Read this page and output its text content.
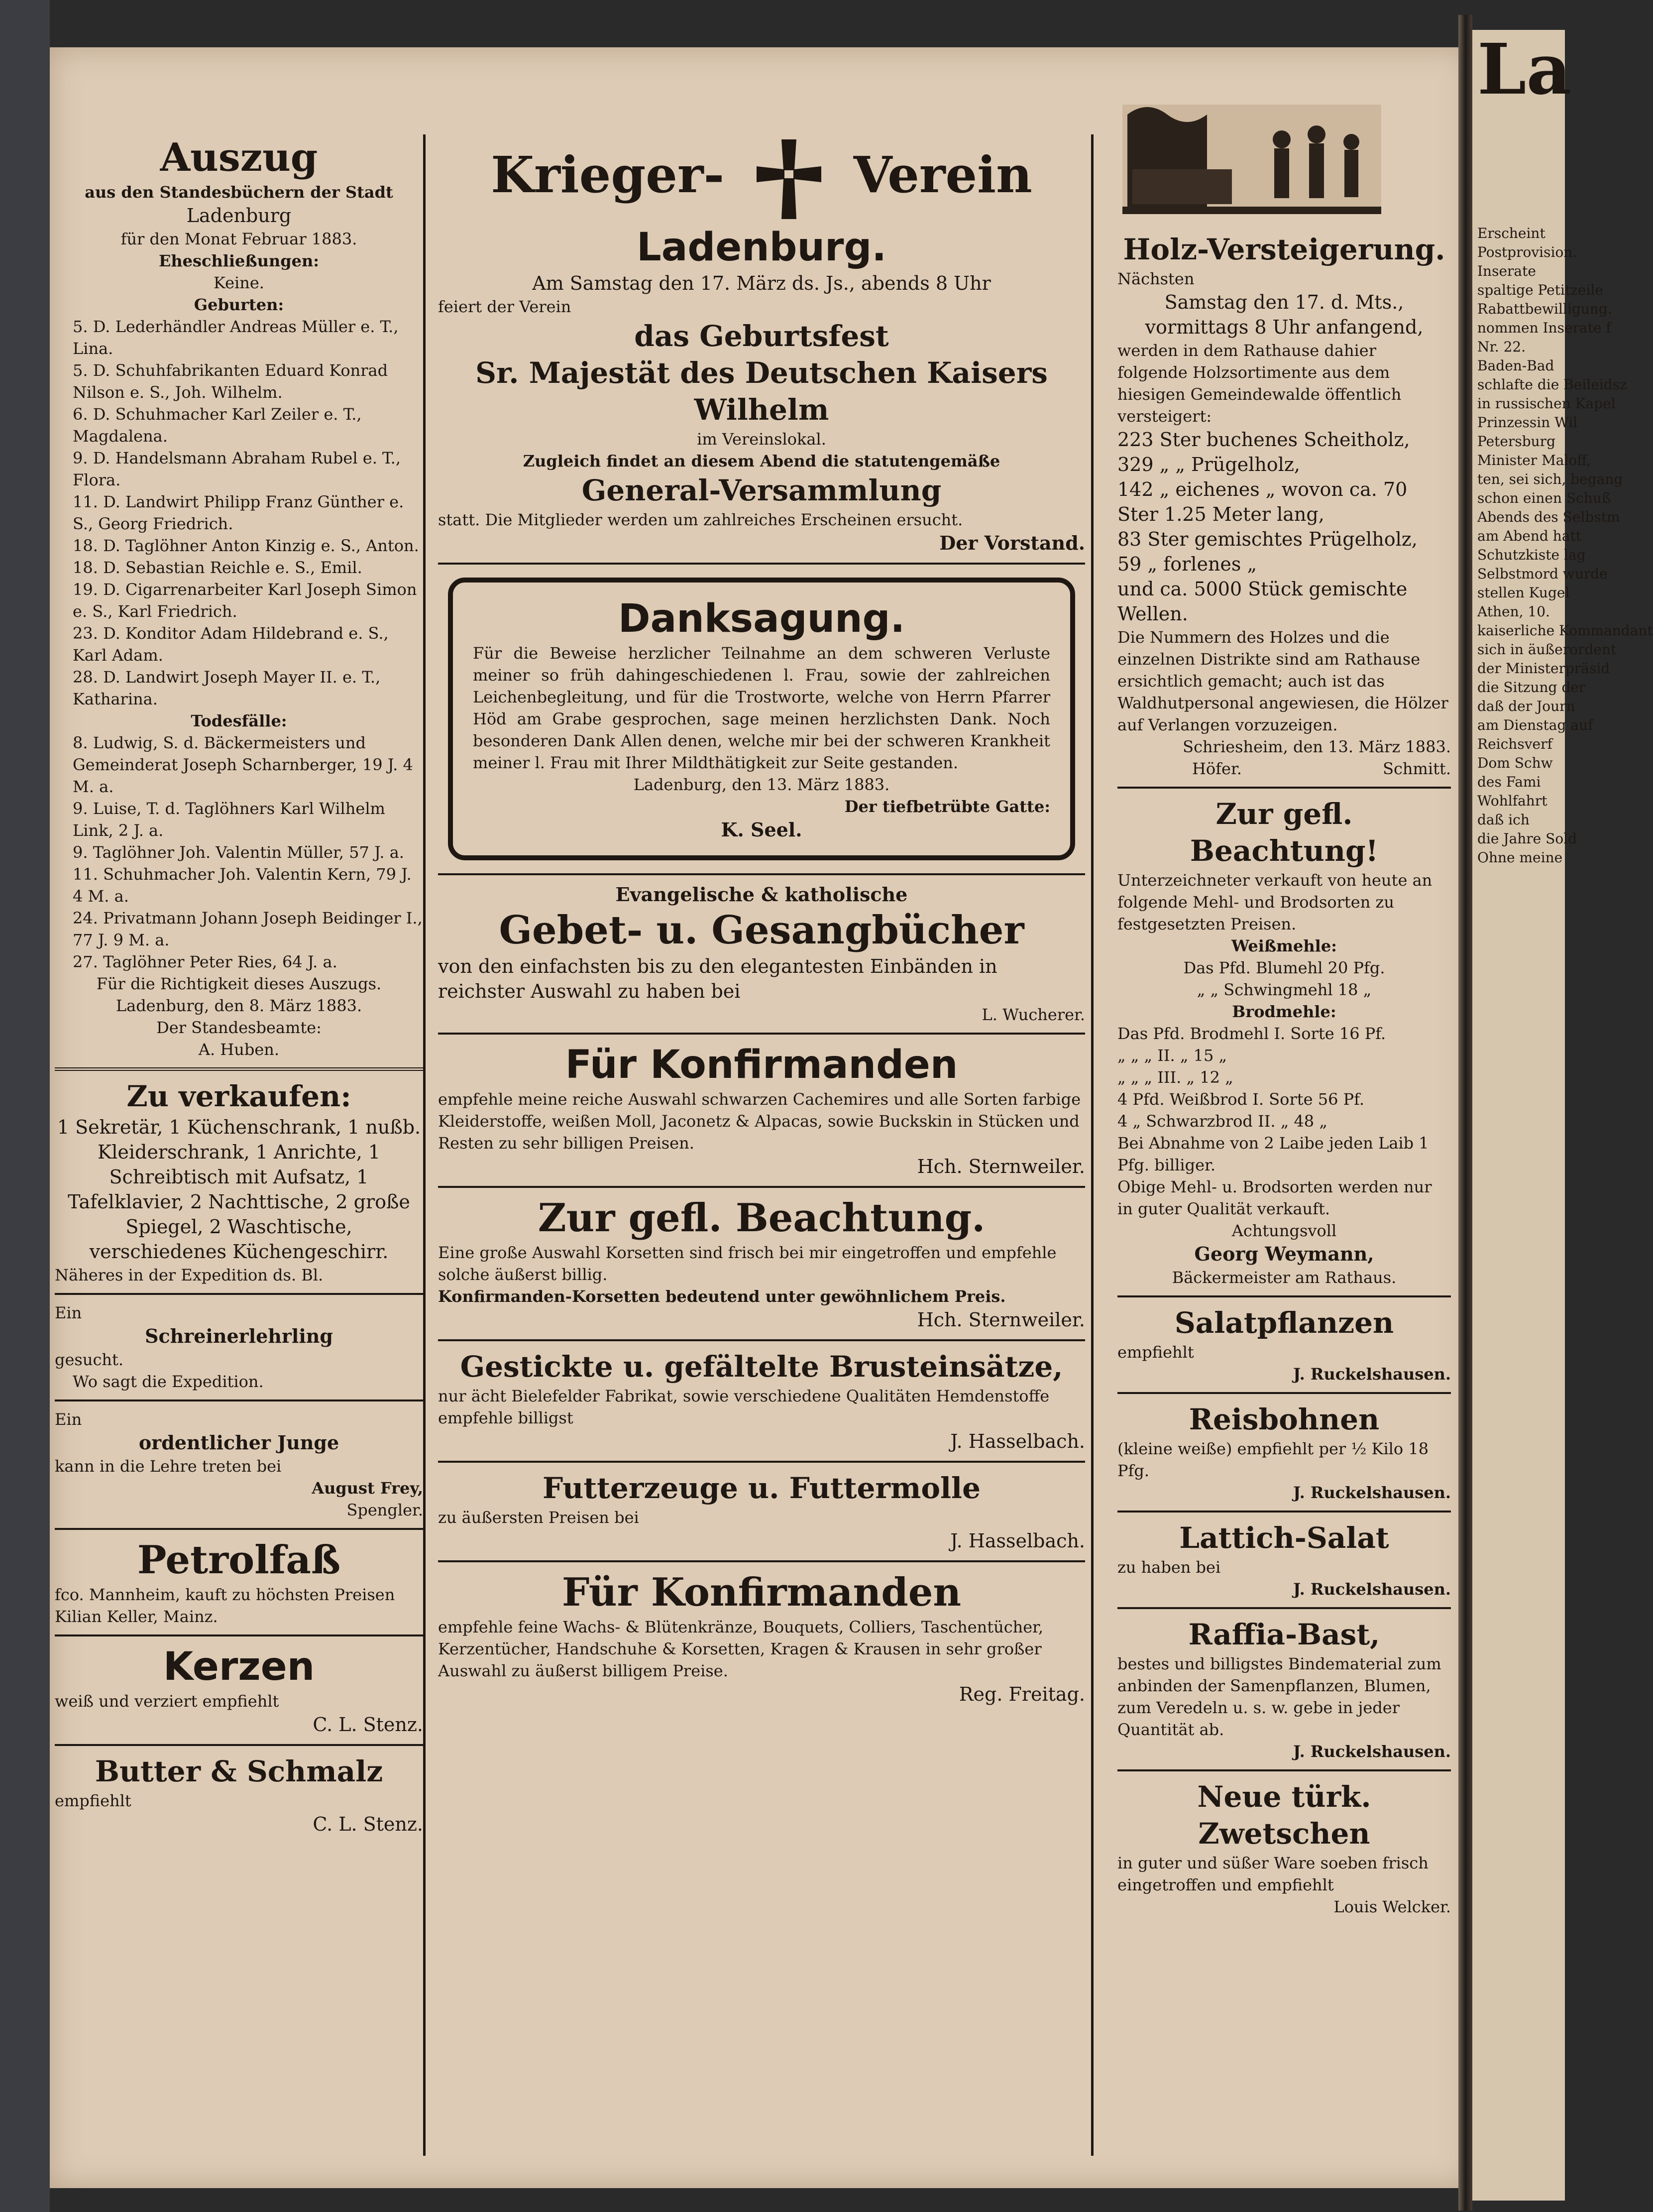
La
Erscheint
Postprovision.
Inserate
spaltige Petitzeile
Rabattbewilligung.
nommen Inserate f
Nr. 22.
Baden-Bad
schlafte die Beileidsz
in russischen Kapel
Prinzessin Wil
Petersburg
Minister Maloff,
ten, sei sich, begang
schon einen Schuß
Abends des Selbstm
am Abend hatt
Schutzkiste lag
Selbstmord wurde
stellen Kugel
Athen, 10.
kaiserliche Kommandant
sich in äußerordent
der Ministerpräsid
die Sitzung der
daß der Journ
am Dienstag auf
Reichsverf
Dom Schw
des Fami
Wohlfahrt
daß ich
die Jahre Sold
Ohne meine
Auszug
aus den Standesbüchern der Stadt
Ladenburg
für den Monat Februar 1883.
Eheschließungen:
Keine.
Geburten:
5. D. Lederhändler Andreas Müller e. T., Lina.
5. D. Schuhfabrikanten Eduard Konrad Nilson e. S., Joh. Wilhelm.
6. D. Schuhmacher Karl Zeiler e. T., Magdalena.
9. D. Handelsmann Abraham Rubel e. T., Flora.
11. D. Landwirt Philipp Franz Günther e. S., Georg Friedrich.
18. D. Taglöhner Anton Kinzig e. S., Anton.
18. D. Sebastian Reichle e. S., Emil.
19. D. Cigarrenarbeiter Karl Joseph Simon e. S., Karl Friedrich.
23. D. Konditor Adam Hildebrand e. S., Karl Adam.
28. D. Landwirt Joseph Mayer II. e. T., Katharina.
Todesfälle:
8. Ludwig, S. d. Bäckermeisters und Gemeinderat Joseph Scharnberger, 19 J. 4 M. a.
9. Luise, T. d. Taglöhners Karl Wilhelm Link, 2 J. a.
9. Taglöhner Joh. Valentin Müller, 57 J. a.
11. Schuhmacher Joh. Valentin Kern, 79 J. 4 M. a.
24. Privatmann Johann Joseph Beidinger I., 77 J. 9 M. a.
27. Taglöhner Peter Ries, 64 J. a.
Für die Richtigkeit dieses Auszugs.
Ladenburg, den 8. März 1883.
Der Standesbeamte:
A. Huben.
Zu verkaufen:
1 Sekretär, 1 Küchenschrank, 1 nußb. Kleiderschrank, 1 Anrichte, 1 Schreibtisch mit Aufsatz, 1 Tafelklavier, 2 Nachttische, 2 große Spiegel, 2 Waschtische, verschiedenes Küchengeschirr.
Näheres in der Expedition ds. Bl.
Ein
Schreinerlehrling
gesucht.
Wo sagt die Expedition.
Ein
ordentlicher Junge
kann in die Lehre treten bei
August Frey,
Spengler.
Petrolfaß
fco. Mannheim, kauft zu höchsten Preisen Kilian Keller, Mainz.
Kerzen
weiß und verziert empfiehlt
C. L. Stenz.
Butter & Schmalz
empfiehlt
C. L. Stenz.
Krieger-	Verein
Ladenburg.
Am Samstag den 17. März ds. Js., abends 8 Uhr
feiert der Verein
das Geburtsfest
Sr. Majestät des Deutschen Kaisers Wilhelm
im Vereinslokal.
Zugleich findet an diesem Abend die statutengemäße
General-Versammlung
statt. Die Mitglieder werden um zahlreiches Erscheinen ersucht.
Der Vorstand.
Danksagung.
Für die Beweise herzlicher Teilnahme an dem schweren Verluste meiner so früh dahingeschiedenen l. Frau, sowie der zahlreichen Leichenbegleitung, und für die Trostworte, welche von Herrn Pfarrer Höd am Grabe gesprochen, sage meinen herzlichsten Dank. Noch besonderen Dank Allen denen, welche mir bei der schweren Krankheit meiner l. Frau mit Ihrer Mildthätigkeit zur Seite gestanden.
Ladenburg, den 13. März 1883.
Der tiefbetrübte Gatte:
K. Seel.
Evangelische & katholische
Gebet- u. Gesangbücher
von den einfachsten bis zu den elegantesten Einbänden in reichster Auswahl zu haben bei
L. Wucherer.
Für Konfirmanden
empfehle meine reiche Auswahl schwarzen Cachemires und alle Sorten farbige Kleiderstoffe, weißen Moll, Jaconetz & Alpacas, sowie Buckskin in Stücken und Resten zu sehr billigen Preisen.
Hch. Sternweiler.
Zur gefl. Beachtung.
Eine große Auswahl Korsetten sind frisch bei mir eingetroffen und empfehle solche äußerst billig.
Konfirmanden-Korsetten bedeutend unter gewöhnlichem Preis.
Hch. Sternweiler.
Gestickte u. gefältelte Brusteinsätze,
nur ächt Bielefelder Fabrikat, sowie verschiedene Qualitäten Hemdenstoffe empfehle billigst
J. Hasselbach.
Futterzeuge u. Futtermolle
zu äußersten Preisen bei
J. Hasselbach.
Für Konfirmanden
empfehle feine Wachs- & Blütenkränze, Bouquets, Colliers, Taschentücher, Kerzentücher, Handschuhe & Korsetten, Kragen & Krausen in sehr großer Auswahl zu äußerst billigem Preise.
Reg. Freitag.
Holz-Versteigerung.
Nächsten
Samstag den 17. d. Mts.,
vormittags 8 Uhr anfangend,
werden in dem Rathause dahier folgende Holzsortimente aus dem hiesigen Gemeindewalde öffentlich versteigert:
223 Ster buchenes Scheitholz,
329 „ „ Prügelholz,
142 „ eichenes „ wovon ca. 70 Ster 1.25 Meter lang,
83 Ster gemischtes Prügelholz,
59 „ forlenes „
und ca. 5000 Stück gemischte Wellen.
Die Nummern des Holzes und die einzelnen Distrikte sind am Rathause ersichtlich gemacht; auch ist das Waldhutpersonal angewiesen, die Hölzer auf Verlangen vorzuzeigen.
Schriesheim, den 13. März 1883.
Höfer.	Schmitt.
Zur gefl. Beachtung!
Unterzeichneter verkauft von heute an folgende Mehl- und Brodsorten zu festgesetzten Preisen.
Weißmehle:
Das Pfd. Blumehl 20 Pfg.
„ „ Schwingmehl 18 „
Brodmehle:
Das Pfd. Brodmehl I. Sorte 16 Pf.
„ „ „ II. „ 15 „
„ „ „ III. „ 12 „
4 Pfd. Weißbrod I. Sorte 56 Pf.
4 „ Schwarzbrod II. „ 48 „
Bei Abnahme von 2 Laibe jeden Laib 1 Pfg. billiger.
Obige Mehl- u. Brodsorten werden nur in guter Qualität verkauft.
Achtungsvoll
Georg Weymann,
Bäckermeister am Rathaus.
Salatpflanzen
empfiehlt
J. Ruckelshausen.
Reisbohnen
(kleine weiße) empfiehlt per ½ Kilo 18 Pfg.
J. Ruckelshausen.
Lattich-Salat
zu haben bei
J. Ruckelshausen.
Raffia-Bast,
bestes und billigstes Bindematerial zum anbinden der Samenpflanzen, Blumen, zum Veredeln u. s. w. gebe in jeder Quantität ab.
J. Ruckelshausen.
Neue türk. Zwetschen
in guter und süßer Ware soeben frisch eingetroffen und empfiehlt
Louis Welcker.
